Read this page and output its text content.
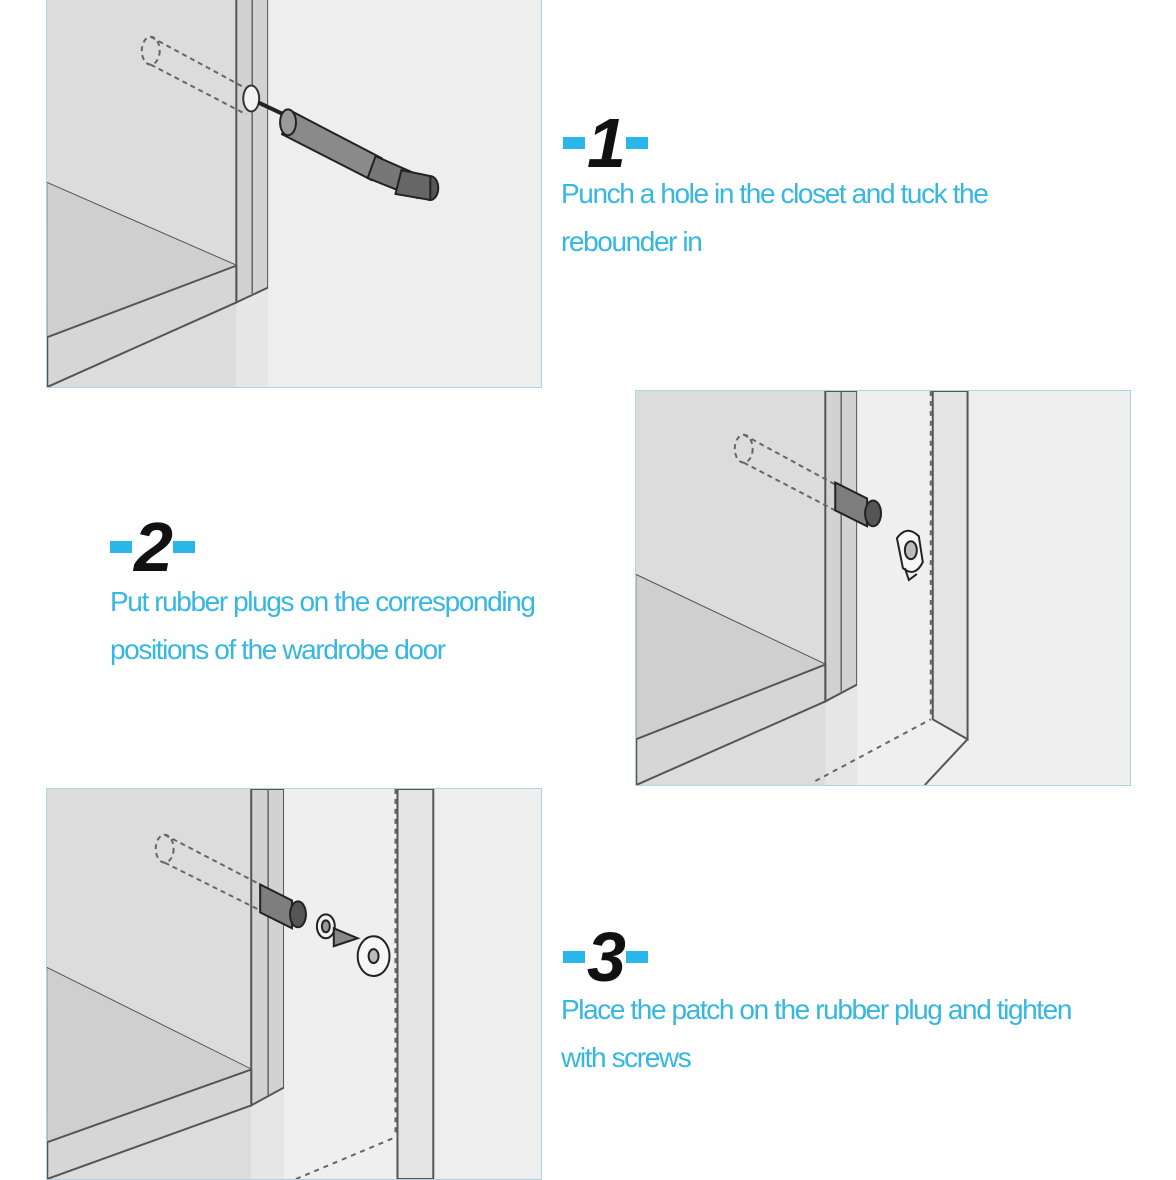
1
Punch a hole in the closet and tuck the
rebounder in
2
Put rubber plugs on the corresponding
positions of the wardrobe door
3
Place the patch on the rubber plug and tighten
with screws
